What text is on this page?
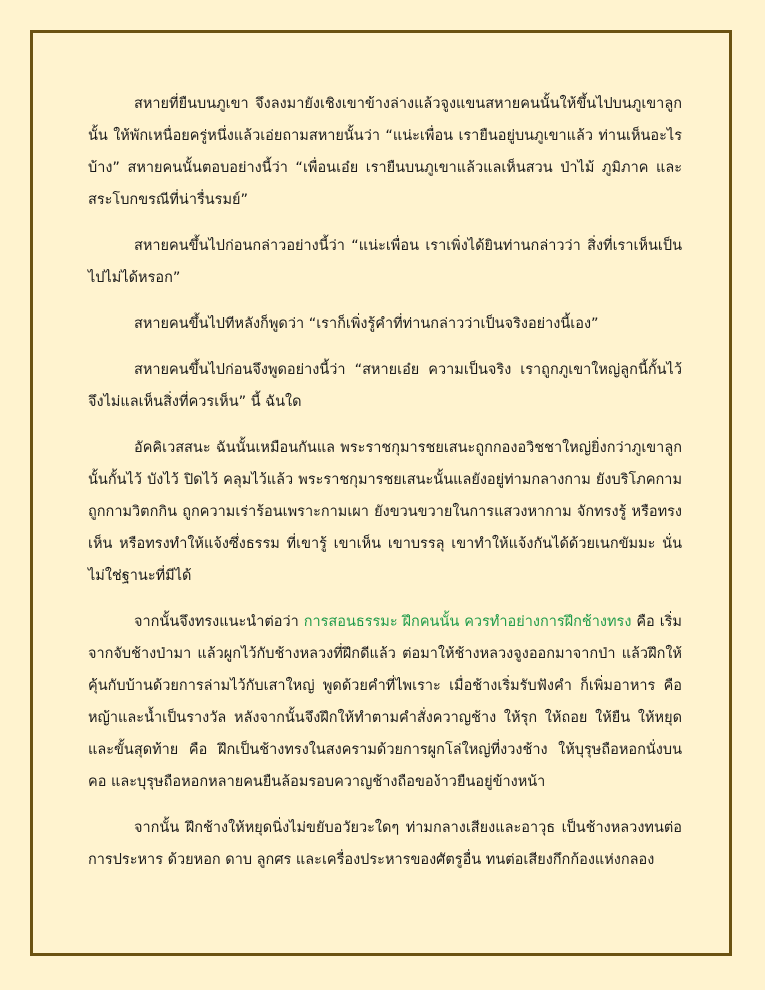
สหายที่ยืนบนภูเขา จึงลงมายังเชิงเขาข้างล่างแล้วจูงแขนสหายคนนั้นให้ขึ้นไปบนภูเขาลูกนั้น ให้พักเหนื่อยครู่หนึ่งแล้วเอ่ยถามสหายนั้นว่า “แน่ะเพื่อน เรายืนอยู่บนภูเขาแล้ว ท่านเห็นอะไรบ้าง” สหายคนนั้นตอบอย่างนี้ว่า “เพื่อนเอ๋ย เรายืนบนภูเขาแล้วแลเห็นสวน ป่าไม้ ภูมิภาค และสระโบกขรณีที่น่ารื่นรมย์”

สหายคนขึ้นไปก่อนกล่าวอย่างนี้ว่า “แน่ะเพื่อน เราเพิ่งได้ยินท่านกล่าวว่า สิ่งที่เราเห็นเป็นไปไม่ได้หรอก”

สหายคนขึ้นไปทีหลังก็พูดว่า “เราก็เพิ่งรู้คำที่ท่านกล่าวว่าเป็นจริงอย่างนี้เอง”

สหายคนขึ้นไปก่อนจึงพูดอย่างนี้ว่า “สหายเอ๋ย ความเป็นจริง เราถูกภูเขาใหญ่ลูกนี้กั้นไว้ จึงไม่แลเห็นสิ่งที่ควรเห็น” นี้ ฉันใด

อัคคิเวสสนะ ฉันนั้นเหมือนกันแล พระราชกุมารชยเสนะถูกกองอวิชชาใหญ่ยิ่งกว่าภูเขาลูกนั้นกั้นไว้ บังไว้ ปิดไว้ คลุมไว้แล้ว พระราชกุมารชยเสนะนั้นแลยังอยู่ท่ามกลางกาม ยังบริโภคกาม ถูกกามวิตกกิน ถูกความเร่าร้อนเพราะกามเผา ยังขวนขวายในการแสวงหากาม จักทรงรู้ หรือทรงเห็น หรือทรงทำให้แจ้งซึ่งธรรม ที่เขารู้ เขาเห็น เขาบรรลุ เขาทำให้แจ้งกันได้ด้วยเนกขัมมะ นั่นไม่ใช่ฐานะที่มีได้

จากนั้นจึงทรงแนะนำต่อว่า การสอนธรรมะ ฝึกคนนั้น ควรทำอย่างการฝึกช้างทรง คือ เริ่มจากจับช้างป่ามา แล้วผูกไว้กับช้างหลวงที่ฝึกดีแล้ว ต่อมาให้ช้างหลวงจูงออกมาจากป่า แล้วฝึกให้คุ้นกับบ้านด้วยการล่ามไว้กับเสาใหญ่ พูดด้วยคำที่ไพเราะ เมื่อช้างเริ่มรับฟังคำ ก็เพิ่มอาหาร คือ หญ้าและน้ำเป็นรางวัล หลังจากนั้นจึงฝึกให้ทำตามคำสั่งควาญช้าง ให้รุก ให้ถอย ให้ยืน ให้หยุด และขั้นสุดท้าย คือ ฝึกเป็นช้างทรงในสงครามด้วยการผูกโล่ใหญ่ที่งวงช้าง ให้บุรุษถือหอกนั่งบนคอ และบุรุษถือหอกหลายคนยืนล้อมรอบควาญช้างถือของ้าวยืนอยู่ข้างหน้า

จากนั้น ฝึกช้างให้หยุดนิ่งไม่ขยับอวัยวะใดๆ ท่ามกลางเสียงและอาวุธ เป็นช้างหลวงทนต่อการประหาร ด้วยหอก ดาบ ลูกศร และเครื่องประหารของศัตรูอื่น ทนต่อเสียงกึกก้องแห่งกลอง
